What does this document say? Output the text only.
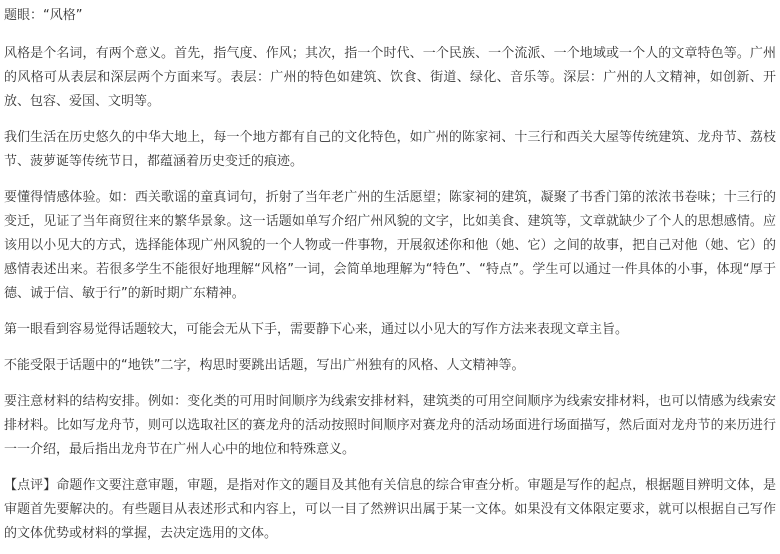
题眼：“风格”

风格是个名词，有两个意义。首先，指气度、作风；其次，指一个时代、一个民族、一个流派、一个地域或一个人的文章特色等。广州的风格可从表层和深层两个方面来写。表层：广州的特色如建筑、饮食、街道、绿化、音乐等。深层：广州的人文精神，如创新、开放、包容、爱国、文明等。

我们生活在历史悠久的中华大地上，每一个地方都有自己的文化特色，如广州的陈家祠、十三行和西关大屋等传统建筑、龙舟节、荔枝节、菠萝诞等传统节日，都蕴涵着历史变迁的痕迹。

要懂得情感体验。如：西关歌谣的童真词句，折射了当年老广州的生活愿望；陈家祠的建筑，凝聚了书香门第的浓浓书卷味；十三行的变迁，见证了当年商贸往来的繁华景象。这一话题如单写介绍广州风貌的文字，比如美食、建筑等，文章就缺少了个人的思想感情。应该用以小见大的方式，选择能体现广州风貌的一个人物或一件事物，开展叙述你和他（她、它）之间的故事，把自己对他（她、它）的感情表述出来。若很多学生不能很好地理解“风格”一词，会简单地理解为“特色”、“特点”。学生可以通过一件具体的小事，体现“厚于德、诚于信、敏于行”的新时期广东精神。

第一眼看到容易觉得话题较大，可能会无从下手，需要静下心来，通过以小见大的写作方法来表现文章主旨。

不能受限于话题中的“地铁”二字，构思时要跳出话题，写出广州独有的风格、人文精神等。

要注意材料的结构安排。例如：变化类的可用时间顺序为线索安排材料，建筑类的可用空间顺序为线索安排材料，也可以情感为线索安排材料。比如写龙舟节，则可以选取社区的赛龙舟的活动按照时间顺序对赛龙舟的活动场面进行场面描写，然后面对龙舟节的来历进行一一介绍，最后指出龙舟节在广州人心中的地位和特殊意义。

【点评】命题作文要注意审题，审题，是指对作文的题目及其他有关信息的综合审查分析。审题是写作的起点，根据题目辨明文体，是审题首先要解决的。有些题目从表述形式和内容上，可以一目了然辨识出属于某一文体。如果没有文体限定要求，就可以根据自己写作的文体优势或材料的掌握，去决定选用的文体。
